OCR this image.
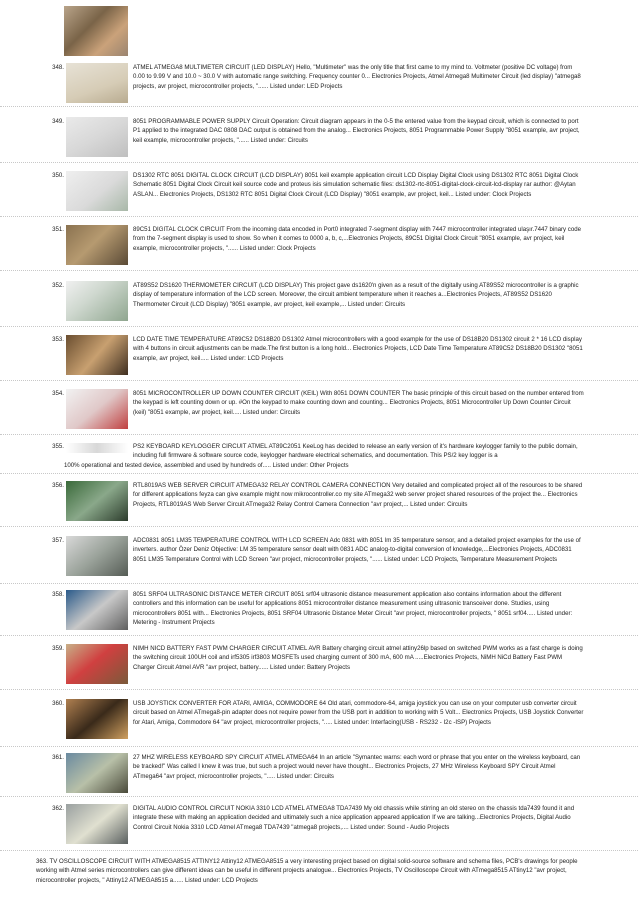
348.	ATMEL ATMEGA8 MULTIMETER CIRCUIT (LED DISPLAY) Hello, "Multimeter" was the only title that first came to my mind to. Voltmeter (positive DC voltage) from 0.00 to 9.99 V and 10.0 ~ 30.0 V with automatic range switching. Frequency counter 0... Electronics Projects, Atmel Atmega8 Multimeter Circuit (led display) "atmega8 projects, avr project, microcontroller projects, "...... Listed under: LED Projects

349.	8051 PROGRAMMABLE POWER SUPPLY Circuit Operation: Circuit diagram appears in the 0-5 the entered value from the keypad circuit, which is connected to port P1 applied to the integrated DAC 0808 DAC output is obtained from the analog... Electronics Projects, 8051 Programmable Power Supply "8051 example, avr project, keil example, microcontroller projects, "...... Listed under: Circuits

350.	DS1302 RTC 8051 DIGITAL CLOCK CIRCUIT (LCD DISPLAY) 8051 keil example application circuit LCD Display Digital Clock using DS1302 RTC 8051 Digital Clock Schematic 8051 Digital Clock Circuit keil source code and proteus isis simulation schematic files: ds1302-rtc-8051-digital-clock-circuit-lcd-display rar author: @Aytan ASLAN... Electronics Projects, DS1302 RTC 8051 Digital Clock Circuit (LCD Display) "8051 example, avr project, keil... Listed under: Clock Projects

351.	89C51 DIGITAL CLOCK CIRCUIT From the incoming data encoded in Port0 integrated 7-segment display with 7447 microcontroller integrated ulaşır.7447 binary code from the 7-segment display is used to show. So when it comes to 0000 a, b, c,...Electronics Projects, 89C51 Digital Clock Circuit "8051 example, avr project, keil example, microcontroller projects, "...... Listed under: Clock Projects

352.	AT89S52 DS1620 THERMOMETER CIRCUIT (LCD DISPLAY) This project gave ds1620'n given as a result of the digitally using AT89S52 microcontroller is a graphic display of temperature information of the LCD screen. Moreover, the circuit ambient temperature when it reaches a...Electronics Projects, AT89S52 DS1620 Thermometer Circuit (LCD Display) "8051 example, avr project, keil example,... Listed under: Circuits

353.	LCD DATE TIME TEMPERATURE AT89C52 DS18B20 DS1302 Atmel microcontrollers with a good example for the use of DS18B20 DS1302 circuit 2 * 16 LCD display with 4 buttons in circuit adjustments can be made.The first button is a long hold... Electronics Projects, LCD Date Time Temperature AT89C52 DS18B20 DS1302 "8051 example, avr project, keil..... Listed under: LCD Projects

354.	8051 MICROCONTROLLER UP DOWN COUNTER CIRCUIT (KEIL) With 8051 DOWN COUNTER The basic principle of this circuit based on the number entered from the keypad is left counting down or up. #On the keypad to make counting down and counting... Electronics Projects, 8051 Microcontroller Up Down Counter Circuit (keil) "8051 example, avr project, keil..... Listed under: Circuits

355.	PS2 KEYBOARD KEYLOGGER CIRCUIT ATMEL AT89C2051 KeeLog has decided to release an early version of it's hardware keylogger family to the public domain, including full firmware & software source code, keylogger hardware electrical schematics, and documentation. This PS/2 key logger is a

100% operational and tested device, assembled and used by hundreds of..... Listed under: Other Projects

356.	RTL8019AS WEB SERVER CIRCUIT ATMEGA32 RELAY CONTROL CAMERA CONNECTION Very detailed and complicated project all of the resources to be shared for different applications feyza can give example might now mikrocontroller.co my site ATmega32 web server project shared resources of the project the... Electronics Projects, RTL8019AS Web Server Circuit ATmega32 Relay Control Camera Connection "avr project,... Listed under: Circuits

357.	ADC0831 8051 LM35 TEMPERATURE CONTROL WITH LCD SCREEN Adc 0831 with 8051 lm 35 temperature sensor, and a detailed project examples for the use of inverters. author Özer Deniz Objective: LM 35 temperature sensor dealt with 0831 ADC analog-to-digital conversion of knowledge,...Electronics Projects, ADC0831 8051 LM35 Temperature Control with LCD Screen "avr project, microcontroller projects, "...... Listed under: LCD Projects, Temperature Measurement Projects

358.	8051 SRF04 ULTRASONIC DISTANCE METER CIRCUIT 8051 srf04 ultrasonic distance measurement application also contains information about the different controllers and this information can be useful for applications 8051 microcontroller distance measurement using ultrasonic transceiver done. Studies, using microcontrollers 8051 with... Electronics Projects, 8051 SRF04 Ultrasonic Distance Meter Circuit "avr project, microcontroller projects, " 8051 srf04..... Listed under: Metering - Instrument Projects

359.	NIMH NICD BATTERY FAST PWM CHARGER CIRCUIT ATMEL AVR Battery charging circuit atmel attiny26lp based on switched PWM works as a fast charge is doing the switching circuit 100UH coil and irf5305 irf3803 MOSFETs used charging current of 300 mA, 600 mA .....Electronics Projects, NiMH NiCd Battery Fast PWM Charger Circuit Atmel AVR "avr project, battery...... Listed under: Battery Projects

360.	USB JOYSTICK CONVERTER FOR ATARI, AMIGA, COMMODORE 64 Old atari, commodore-64, amiga joystick you can use on your computer usb converter circuit circuit based on Atmel ATmega8-pin adapter does not require power from the USB port in addition to working with 5 Volt... Electronics Projects, USB Joystick Converter for Atari, Amiga, Commodore 64 "avr project, microcontroller projects, "..... Listed under: Interfacing(USB - RS232 - I2c -ISP) Projects

361.	27 MHZ WIRELESS KEYBOARD SPY CIRCUIT ATMEL ATMEGA64 In an article "Symantec warns: each word or phrase that you enter on the wireless keyboard, can be tracked!" Was called I knew it was true, but such a project would never have thought... Electronics Projects, 27 MHz Wireless Keyboard SPY Circuit Atmel ATmega64 "avr project, microcontroller projects, "..... Listed under: Circuits

362.	DIGITAL AUDIO CONTROL CIRCUIT NOKIA 3310 LCD ATMEL ATMEGA8 TDA7439 My old chassis while stirring an old stereo on the chassis tda7439 found it and integrate these with making an application decided and ultimately such a nice application appeared application If we are talking...Electronics Projects, Digital Audio Control Circuit Nokia 3310 LCD Atmel ATmega8 TDA7439 "atmega8 projects,.... Listed under: Sound - Audio Projects

363. TV OSCILLOSCOPE CIRCUIT WITH ATMEGA8515 ATTINY12 Attiny12 ATMEGA8515 a very interesting project based on digital solid-source software and schema files, PCB's drawings for people working with Atmel series microcontrollers can give different ideas can be useful in different projects analogue... Electronics Projects, TV Oscilloscope Circuit with ATmega8515 ATtiny12 "avr project, microcontroller projects, " Attiny12 ATMEGA8515 a...... Listed under: LCD Projects
